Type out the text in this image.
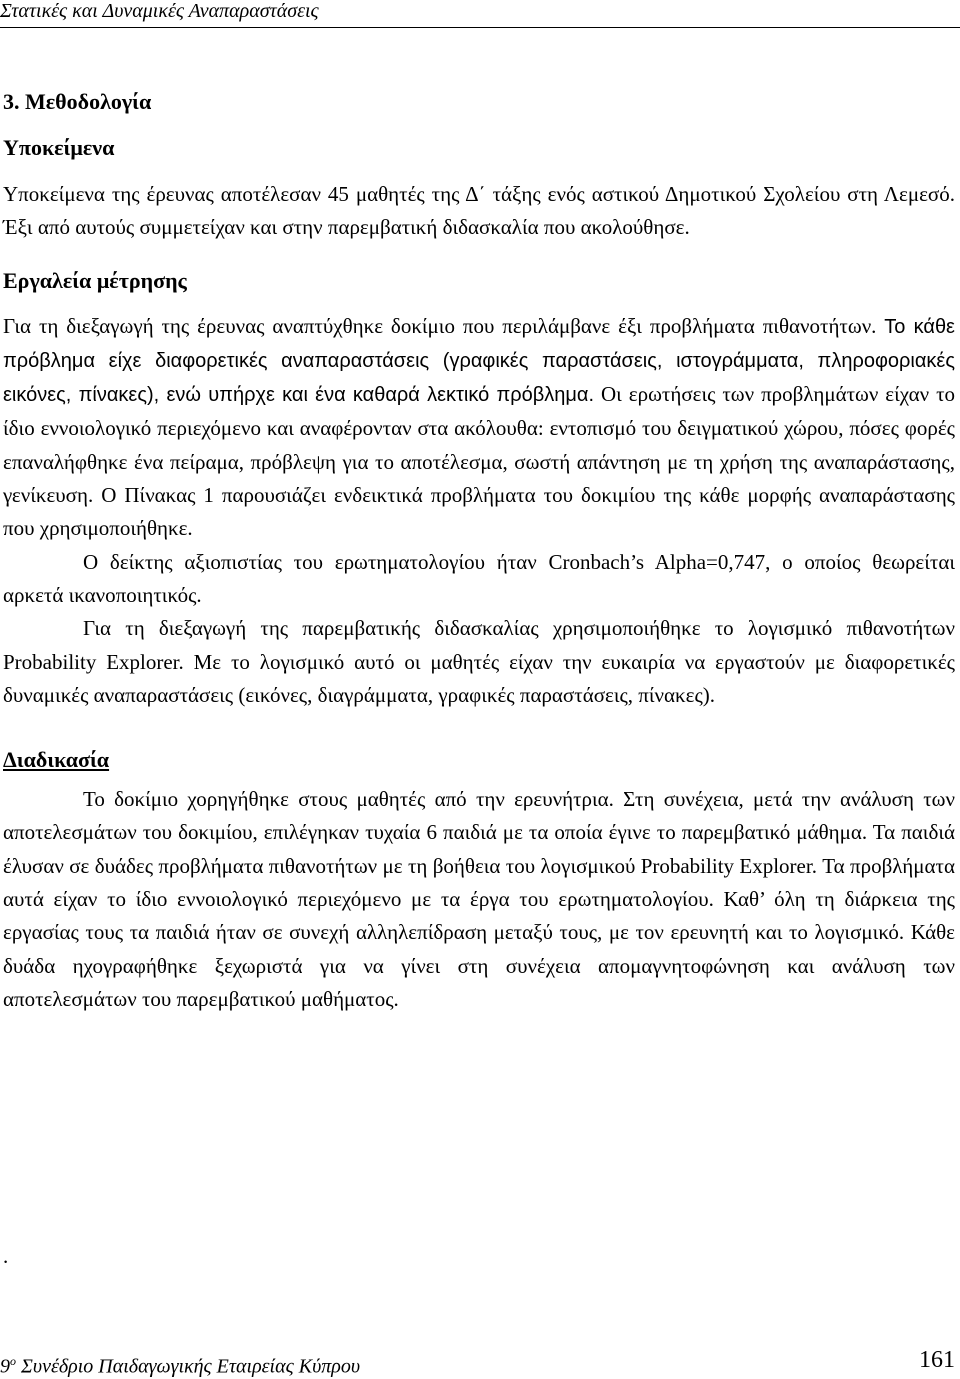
Στατικές και Δυναμικές Αναπαραστάσεις
3. Μεθοδολογία
Υποκείμενα

Υποκείμενα της έρευνας αποτέλεσαν 45 μαθητές της Δ΄ τάξης ενός αστικού Δημοτικού Σχολείου στη Λεμεσό. Έξι από αυτούς συμμετείχαν και στην παρεμβατική διδασκαλία που ακολούθησε.

Εργαλεία μέτρησης

Για τη διεξαγωγή της έρευνας αναπτύχθηκε δοκίμιο που περιλάμβανε έξι προβλήματα πιθανοτήτων. Το κάθε πρόβλημα είχε διαφορετικές αναπαραστάσεις (γραφικές παραστάσεις, ιστογράμματα, πληροφοριακές εικόνες, πίνακες), ενώ υπήρχε και ένα καθαρά λεκτικό πρόβλημα. Οι ερωτήσεις των προβλημάτων είχαν το ίδιο εννοιολογικό περιεχόμενο και αναφέρονταν στα ακόλουθα: εντοπισμό του δειγματικού χώρου, πόσες φορές επαναλήφθηκε ένα πείραμα, πρόβλεψη για το αποτέλεσμα, σωστή απάντηση με τη χρήση της αναπαράστασης, γενίκευση. Ο Πίνακας 1 παρουσιάζει ενδεικτικά προβλήματα του δοκιμίου της κάθε μορφής αναπαράστασης που χρησιμοποιήθηκε.

Ο δείκτης αξιοπιστίας του ερωτηματολογίου ήταν Cronbach’s Alpha=0,747, ο οποίος θεωρείται αρκετά ικανοποιητικός.

Για τη διεξαγωγή της παρεμβατικής διδασκαλίας χρησιμοποιήθηκε το λογισμικό πιθανοτήτων Probability Explorer. Με το λογισμικό αυτό οι μαθητές είχαν την ευκαιρία να εργαστούν με διαφορετικές δυναμικές αναπαραστάσεις (εικόνες, διαγράμματα, γραφικές παραστάσεις, πίνακες).

Διαδικασία

Το δοκίμιο χορηγήθηκε στους μαθητές από την ερευνήτρια. Στη συνέχεια, μετά την ανάλυση των αποτελεσμάτων του δοκιμίου, επιλέγηκαν τυχαία 6 παιδιά με τα οποία έγινε το παρεμβατικό μάθημα. Τα παιδιά έλυσαν σε δυάδες προβλήματα πιθανοτήτων με τη βοήθεια του λογισμικού Probability Explorer. Τα προβλήματα αυτά είχαν το ίδιο εννοιολογικό περιεχόμενο με τα έργα του ερωτηματολογίου. Καθ’ όλη τη διάρκεια της εργασίας τους τα παιδιά ήταν σε συνεχή αλληλεπίδραση μεταξύ τους, με τον ερευνητή και το λογισμικό. Κάθε δυάδα ηχογραφήθηκε ξεχωριστά για να γίνει στη συνέχεια απομαγνητοφώνηση και ανάλυση των αποτελεσμάτων του παρεμβατικού μαθήματος.

.
$9^o$ Συνέδριο Παιδαγωγικής Εταιρείας Κύπρου	161
